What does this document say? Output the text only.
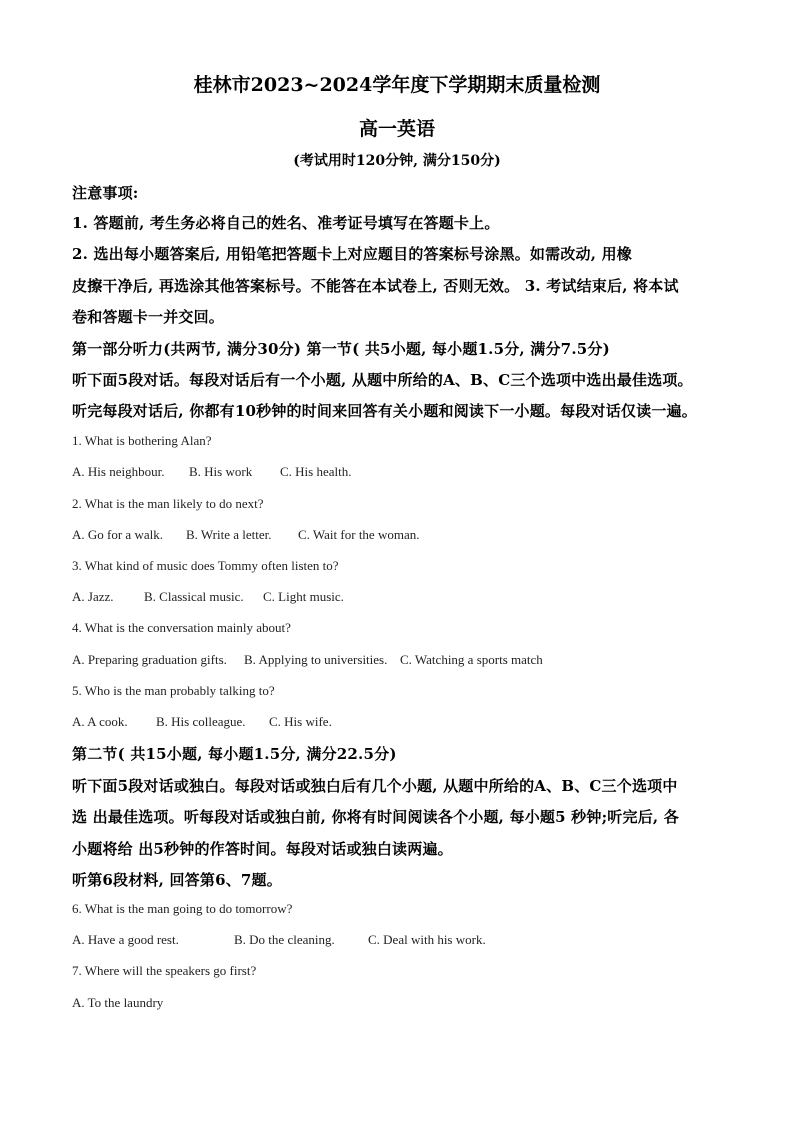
桂林市2023~2024学年度下学期期末质量检测
高一英语
(考试用时120分钟, 满分150分)
注意事项:
1. 答题前, 考生务必将自己的姓名、准考证号填写在答题卡上。
2. 选出每小题答案后, 用铅笔把答题卡上对应题目的答案标号涂黑。如需改动, 用橡
皮擦干净后, 再选涂其他答案标号。不能答在本试卷上, 否则无效。 3. 考试结束后, 将本试
卷和答题卡一并交回。
第一部分听力(共两节, 满分30分) 第一节( 共5小题, 每小题1.5分, 满分7.5分)
听下面5段对话。每段对话后有一个小题, 从题中所给的A、B、C三个选项中选出最佳选项。
听完每段对话后, 你都有10秒钟的时间来回答有关小题和阅读下一小题。每段对话仅读一遍。
1. What is bothering Alan?
A. His neighbour. B. His work C. His health.
2. What is the man likely to do next?
A. Go for a walk. B. Write a letter. C. Wait for the woman.
3. What kind of music does Tommy often listen to?
A. Jazz. B. Classical music. C. Light music.
4. What is the conversation mainly about?
A. Preparing graduation gifts. B. Applying to universities. C. Watching a sports match
5. Who is the man probably talking to?
A. A cook. B. His colleague. C. His wife.
第二节( 共15小题, 每小题1.5分, 满分22.5分)
听下面5段对话或独白。每段对话或独白后有几个小题, 从题中所给的A、B、C三个选项中
选 出最佳选项。听每段对话或独白前, 你将有时间阅读各个小题, 每小题5 秒钟;听完后, 各
小题将给 出5秒钟的作答时间。每段对话或独白读两遍。
听第6段材料, 回答第6、7题。
6. What is the man going to do tomorrow?
A. Have a good rest.	B. Do the cleaning.	C. Deal with his work.
7. Where will the speakers go first?
A. To the laundry
